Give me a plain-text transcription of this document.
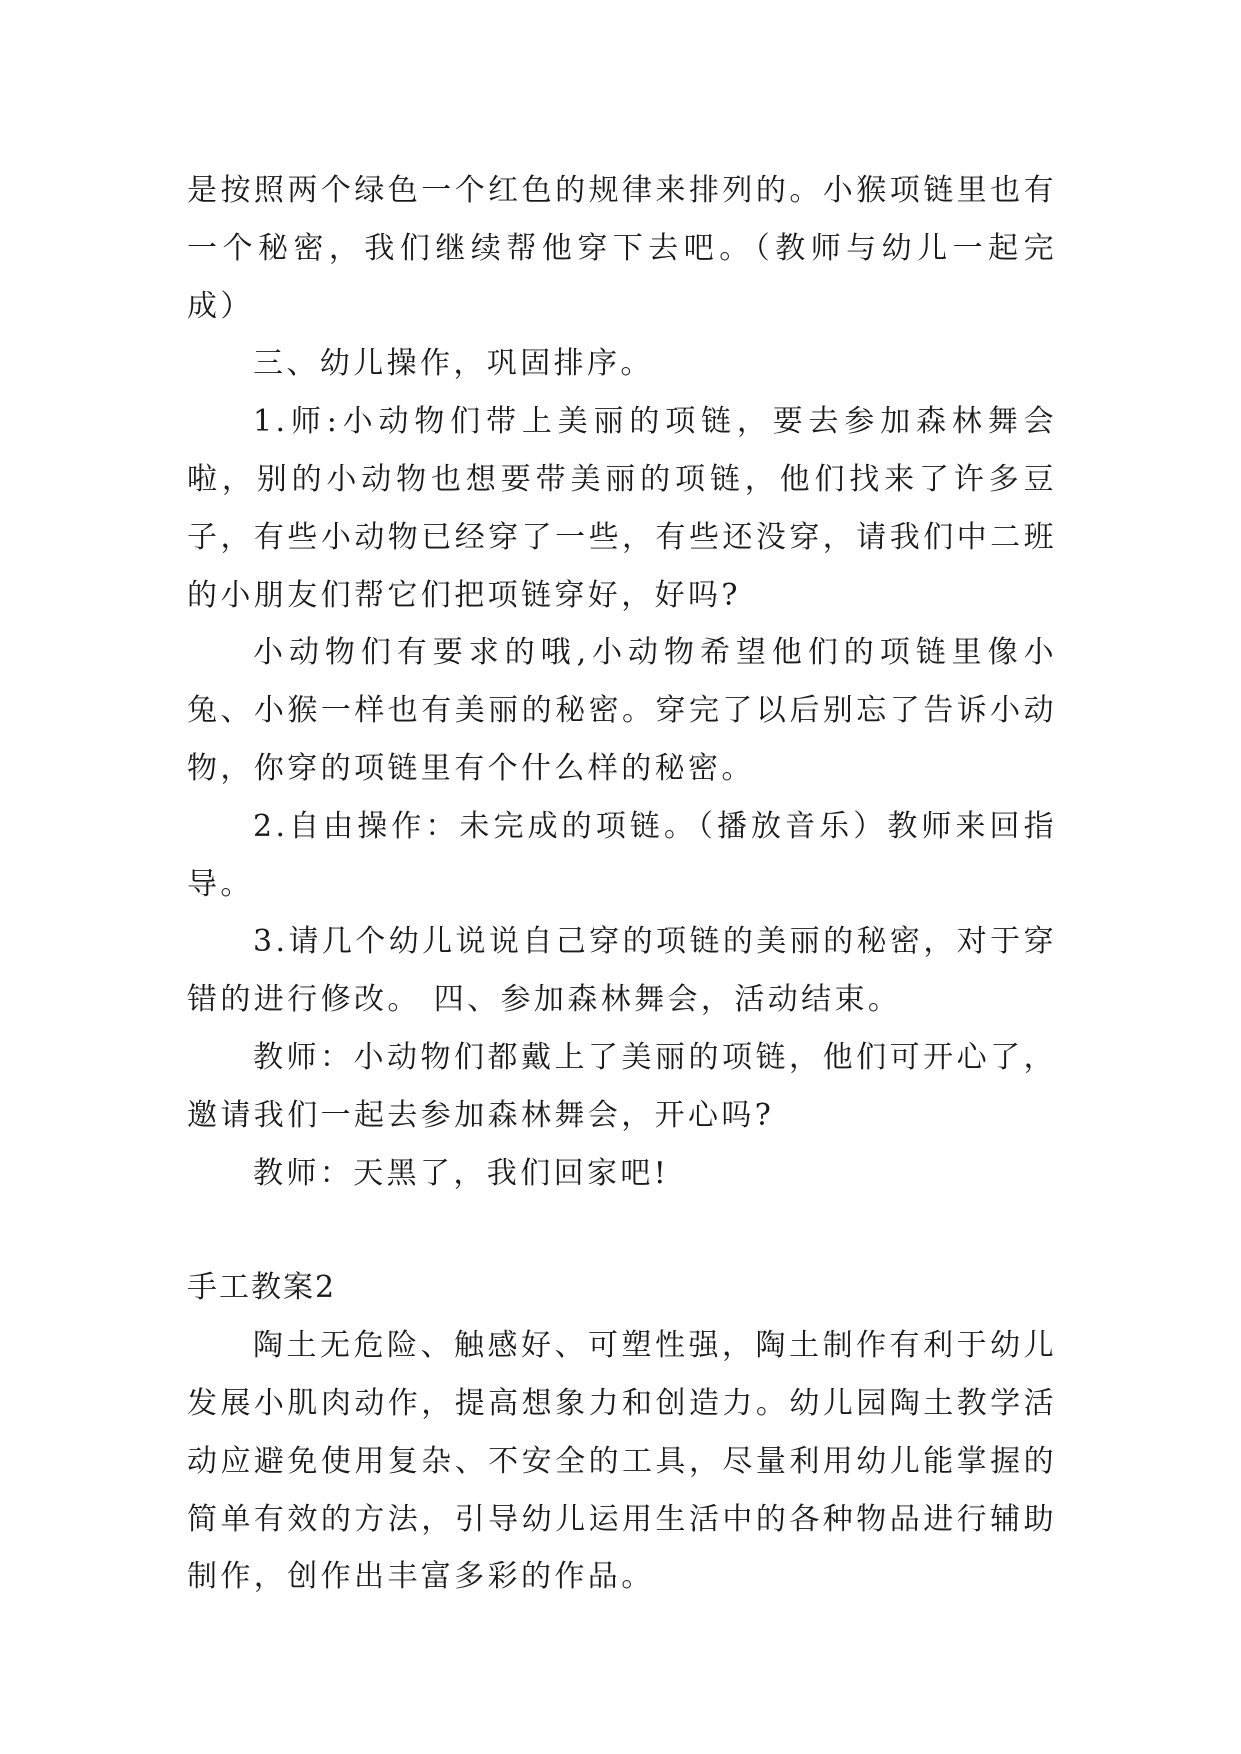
是按照两个绿色一个红色的规律来排列的。小猴项链里也有一个秘密，我们继续帮他穿下去吧。（教师与幼儿一起完成）

三、幼儿操作，巩固排序。

1.师:小动物们带上美丽的项链，要去参加森林舞会啦，别的小动物也想要带美丽的项链，他们找来了许多豆子，有些小动物已经穿了一些，有些还没穿，请我们中二班的小朋友们帮它们把项链穿好，好吗?

小动物们有要求的哦,小动物希望他们的项链里像小兔、小猴一样也有美丽的秘密。穿完了以后别忘了告诉小动物，你穿的项链里有个什么样的秘密。

2.自由操作：未完成的项链。（播放音乐）教师来回指导。

3.请几个幼儿说说自己穿的项链的美丽的秘密，对于穿错的进行修改。 四、参加森林舞会，活动结束。

教师：小动物们都戴上了美丽的项链，他们可开心了，邀请我们一起去参加森林舞会，开心吗?

教师：天黑了，我们回家吧!

手工教案2

陶土无危险、触感好、可塑性强，陶土制作有利于幼儿发展小肌肉动作，提高想象力和创造力。幼儿园陶土教学活动应避免使用复杂、不安全的工具，尽量利用幼儿能掌握的简单有效的方法，引导幼儿运用生活中的各种物品进行辅助制作，创作出丰富多彩的作品。
